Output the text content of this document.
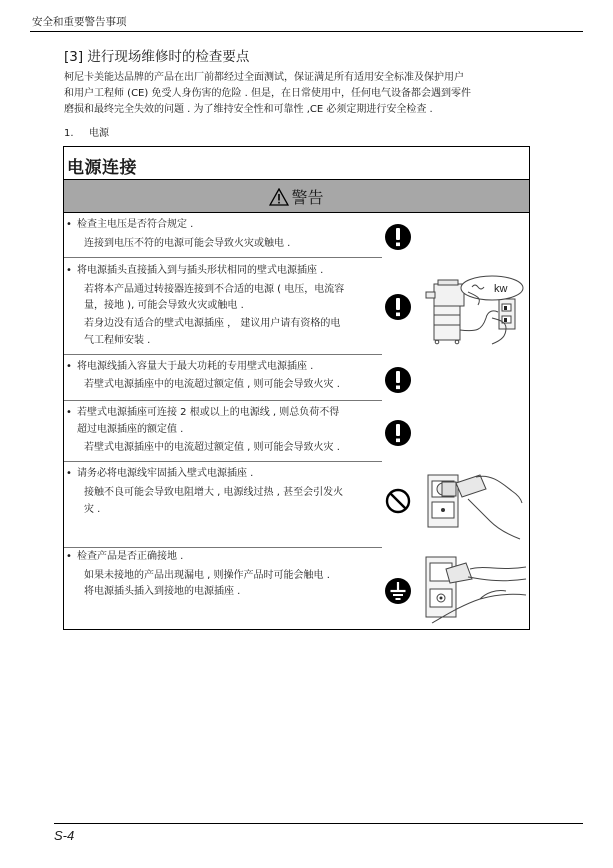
安全和重要警告事项
[3] 进行现场维修时的检查要点
柯尼卡美能达品牌的产品在出厂前都经过全面测试，保证满足所有适用安全标准及保护用户
和用户工程师 (CE) 免受人身伤害的危险 . 但是，在日常使用中，任何电气设备都会遇到零件
磨损和最终完全失效的问题 . 为了维持安全性和可靠性 ,CE 必须定期进行安全检查 .
1. 电源
电源连接
警告
• 检查主电压是否符合规定 .
连接到电压不符的电源可能会导致火灾或触电 .
• 将电源插头直接插入到与插头形状相同的壁式电源插座 .
若将本产品通过转接器连接到不合适的电源 ( 电压，电流容
量，接地 ), 可能会导致火灾或触电 .
若身边没有适合的壁式电源插座 ， 建议用户请有资格的电
气工程师安装 .
• 将电源线插入容量大于最大功耗的专用壁式电源插座 .
若壁式电源插座中的电流超过额定值 , 则可能会导致火灾 .
• 若壁式电源插座可连接 2 根或以上的电源线 , 则总负荷不得
超过电源插座的额定值 .
若壁式电源插座中的电流超过额定值 , 则可能会导致火灾 .
• 请务必将电源线牢固插入壁式电源插座 .
接触不良可能会导致电阻增大 , 电源线过热 , 甚至会引发火
灾 .
• 检查产品是否正确接地 .
如果未接地的产品出现漏电 , 则操作产品时可能会触电 .
将电源插头插入到接地的电源插座 .
kw
S-4
